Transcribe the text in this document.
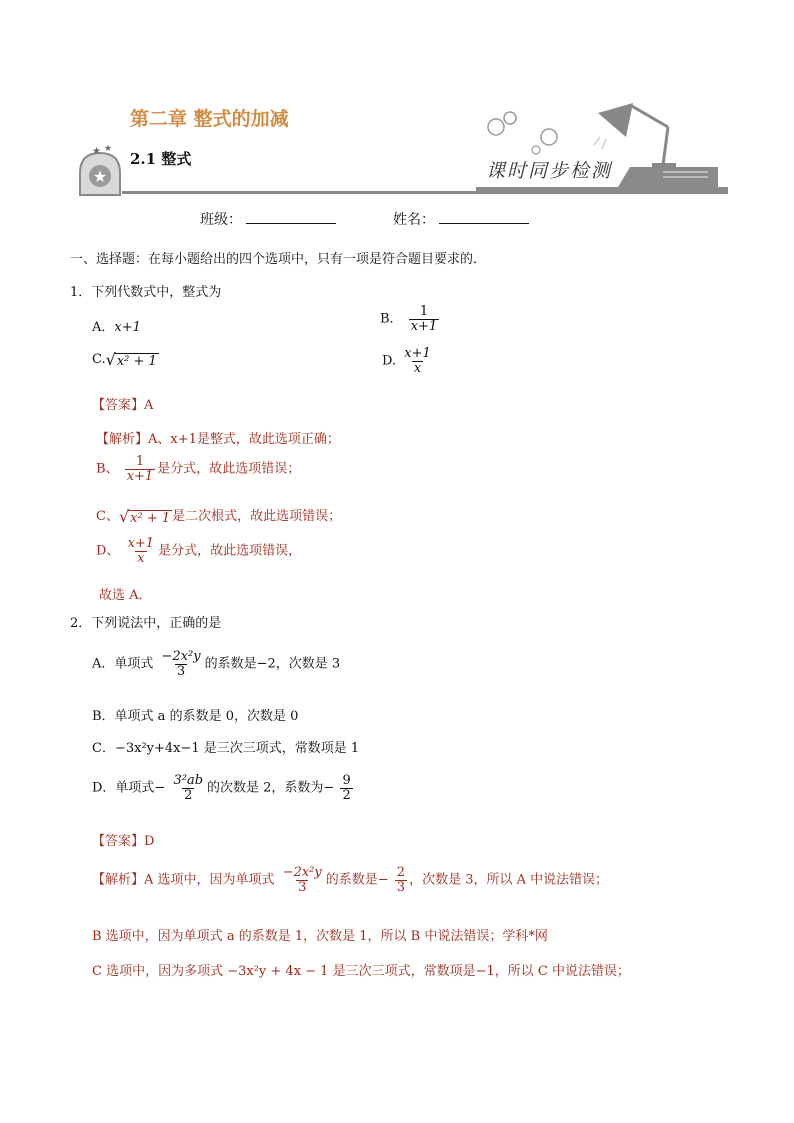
★
★ ★
第二章 整式的加减
2.1 整式
课时同步检测
班级：	姓名：
一、选择题：在每小题给出的四个选项中，只有一项是符合题目要求的．
1．下列代数式中，整式为
A．x+1
B． $\frac{1}{x+1}$
C. √ x² + 1	D. $\frac{x+1}{x}$
【答案】A
【解析】A、x+1是整式，故此选项正确；
B、 $\frac{1}{x+1}$ 是分式，故此选项错误；
C、 √ x² + 1 是二次根式，故此选项错误；
D、 $\frac{x+1}{x}$ 是分式，故此选项错误，
故选 A．
2．下列说法中，正确的是
A．单项式 $\frac{\text{−2x²y}}{3}$ 的系数是−2，次数是 3
B．单项式 a 的系数是 0，次数是 0
C．−3x²y+4x−1 是三次三项式，常数项是 1
D．单项式− $\frac{\text{3²ab}}{2}$ 的次数是 2，系数为− $\frac{9}{2}$
【答案】D
【解析】A 选项中，因为单项式 $\frac{\text{−2x²y}}{3}$ 的系数是− $\frac{2}{3}$ ，次数是 3，所以 A 中说法错误；
B 选项中，因为单项式 a 的系数是 1，次数是 1，所以 B 中说法错误；学科*网
C 选项中，因为多项式 −3x²y + 4x − 1 是三次三项式，常数项是−1，所以 C 中说法错误；
